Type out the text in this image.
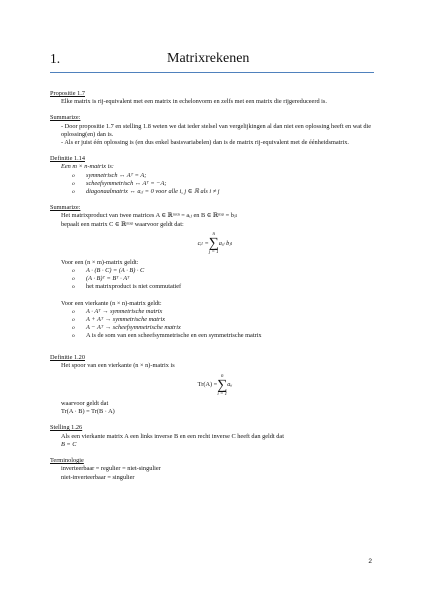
1.	Matrixrekenen
Propositie 1.7
Elke matrix is rij-equivalent met een matrix in echelonvorm en zelfs met een matrix die rijgereduceerd is.
Summarize:
- Door propositie 1.7 en stelling 1.8 weten we dat ieder stelsel van vergelijkingen al dan niet een oplossing heeft en wat die oplossing(en) dan is.
- Als er juist één oplossing is (en dus enkel basisvariabelen) dan is de matrix rij-equivalent met de éénheidsmatrix.
Definitie 1.14
Een m × n-matrix is:
o symmetrisch ↔ Aᵀ = A;
o scheefsymmetrisch ↔ Aᵀ = −A;
o diagonaalmatrix ↔ aᵢⱼ = 0 voor alle i, j ∈ ℝ als i ≠ j
Summarize:
Het matrixproduct van twee matrices A ∈ ℝᵐˣⁿ = aᵢⱼ en B ∈ ℝⁿˣᵖ = bⱼₗ
bepaalt een matrix C ∈ ℝᵐˣᵖ waarvoor geldt dat:
cᵢₗ =
n
∑
j = 1
aᵢⱼ bⱼₗ
Voor een (n × m)-matrix geldt:
o A · (B · C) = (A · B) · C
o (A · B)ᵀ = Bᵀ · Aᵀ
o het matrixproduct is niet commutatief
Voor een vierkante (n × n)-matrix geldt:
o A · Aᵀ → symmetrische matrix
o A + Aᵀ → symmetrische matrix
o A − Aᵀ → scheefsymmetrische matrix
o A is de som van een scheefsymmetrische en een symmetrische matrix
Definitie 1.20
Het spoor van een vierkante (n × n)-matrix is
Tr(A) =
n
∑
i = 1
aᵢᵢ
waarvoor geldt dat
Tr(A · B) = Tr(B · A)
Stelling 1.26
Als een vierkante matrix A een links inverse B en een recht inverse C heeft dan geldt dat
B = C
Terminologie
inverteerbaar = regulier = niet-singulier
niet-inverteerbaar = singulier
2
